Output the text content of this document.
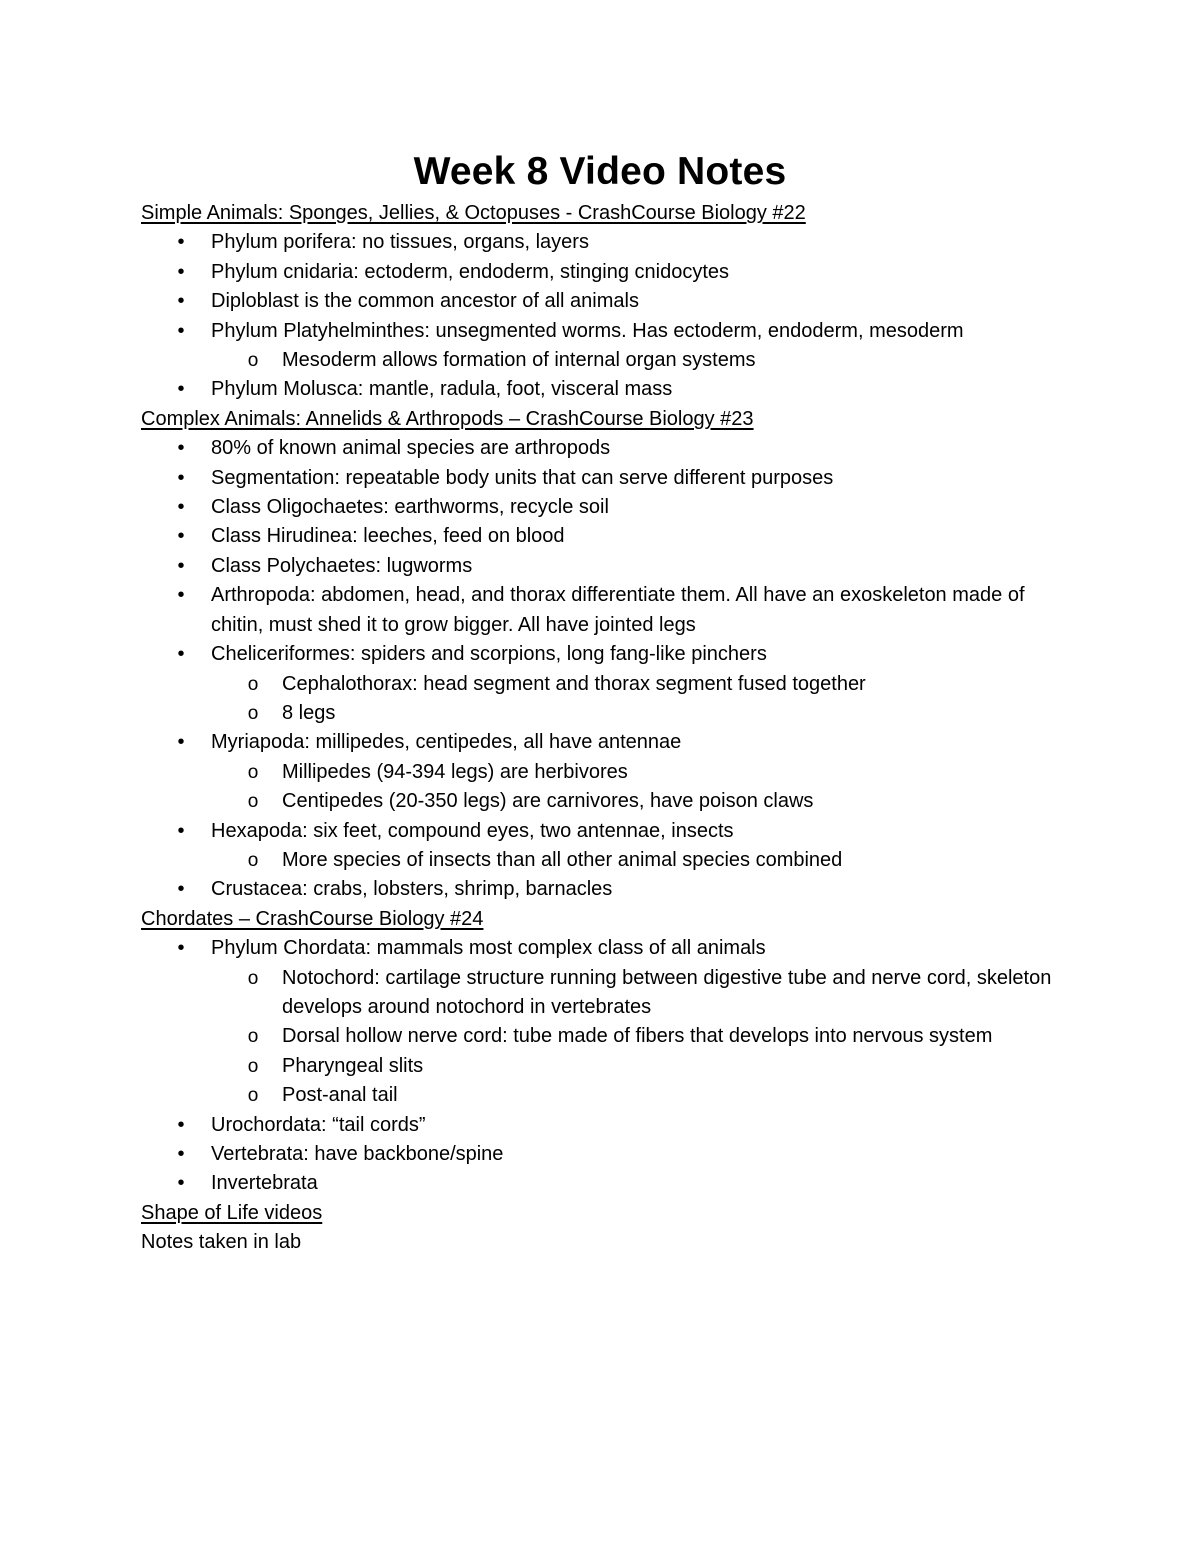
Week 8 Video Notes
Simple Animals: Sponges, Jellies, & Octopuses - CrashCourse Biology #22
• Phylum porifera: no tissues, organs, layers
• Phylum cnidaria: ectoderm, endoderm, stinging cnidocytes
• Diploblast is the common ancestor of all animals
• Phylum Platyhelminthes: unsegmented worms. Has ectoderm, endoderm, mesoderm
o Mesoderm allows formation of internal organ systems
• Phylum Molusca: mantle, radula, foot, visceral mass
Complex Animals: Annelids & Arthropods – CrashCourse Biology #23
• 80% of known animal species are arthropods
• Segmentation: repeatable body units that can serve different purposes
• Class Oligochaetes: earthworms, recycle soil
• Class Hirudinea: leeches, feed on blood
• Class Polychaetes: lugworms
• Arthropoda: abdomen, head, and thorax differentiate them. All have an exoskeleton made of chitin, must shed it to grow bigger. All have jointed legs
• Cheliceriformes: spiders and scorpions, long fang-like pinchers
o Cephalothorax: head segment and thorax segment fused together
o 8 legs
• Myriapoda: millipedes, centipedes, all have antennae
o Millipedes (94-394 legs) are herbivores
o Centipedes (20-350 legs) are carnivores, have poison claws
• Hexapoda: six feet, compound eyes, two antennae, insects
o More species of insects than all other animal species combined
• Crustacea: crabs, lobsters, shrimp, barnacles
Chordates – CrashCourse Biology #24
• Phylum Chordata: mammals most complex class of all animals
o Notochord: cartilage structure running between digestive tube and nerve cord, skeleton develops around notochord in vertebrates
o Dorsal hollow nerve cord: tube made of fibers that develops into nervous system
o Pharyngeal slits
o Post-anal tail
• Urochordata: “tail cords”
• Vertebrata: have backbone/spine
• Invertebrata
Shape of Life videos
Notes taken in lab
